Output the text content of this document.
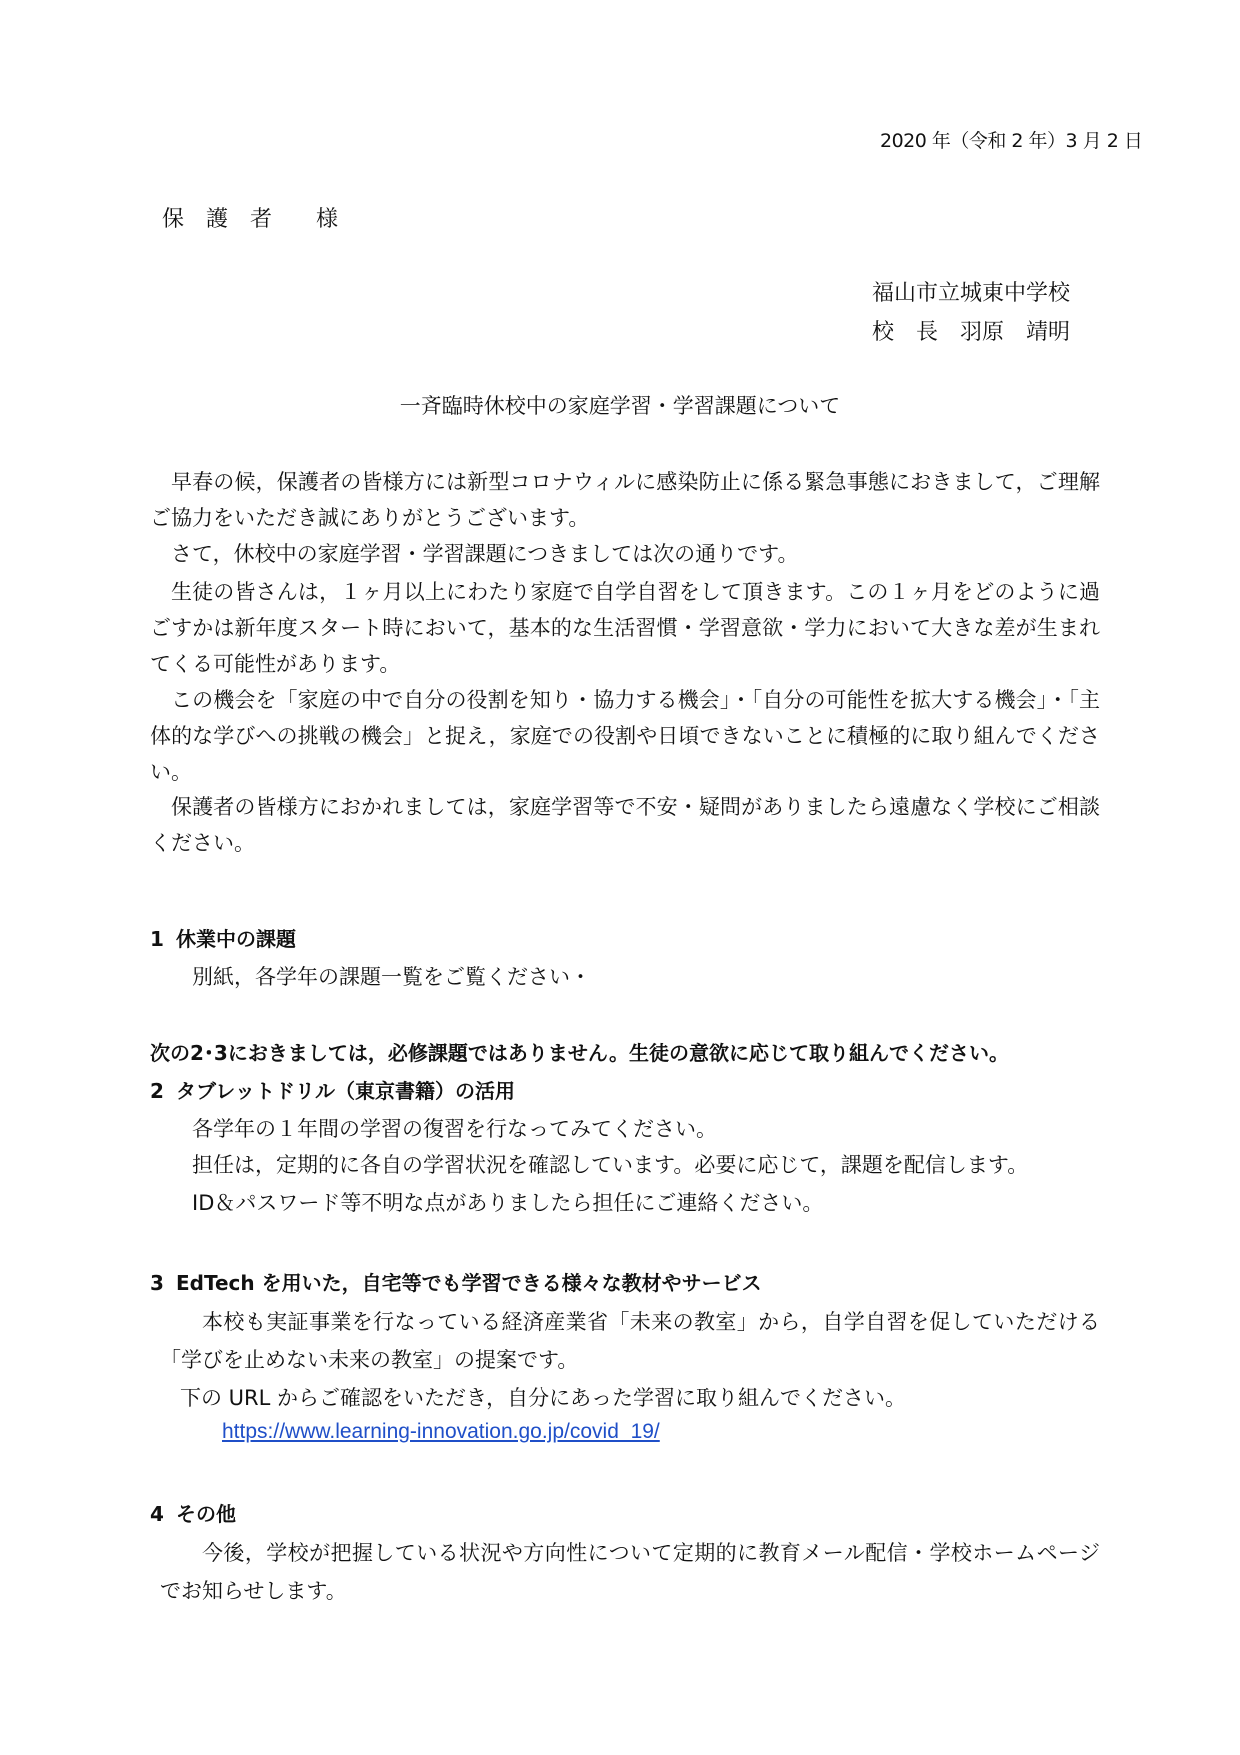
2020 年（令和 2 年）3 月 2 日
保　護　者　　様
福山市立城東中学校
校　長　羽原　靖明
一斉臨時休校中の家庭学習・学習課題について
早春の候，保護者の皆様方には新型コロナウィルに感染防止に係る緊急事態におきまして，ご理解ご協力をいただき誠にありがとうございます。
さて，休校中の家庭学習・学習課題につきましては次の通りです。
生徒の皆さんは，１ヶ月以上にわたり家庭で自学自習をして頂きます。この１ヶ月をどのように過ごすかは新年度スタート時において，基本的な生活習慣・学習意欲・学力において大きな差が生まれてくる可能性があります。
この機会を「家庭の中で自分の役割を知り・協力する機会」・「自分の可能性を拡大する機会」・「主体的な学びへの挑戦の機会」と捉え，家庭での役割や日頃できないことに積極的に取り組んでください。
保護者の皆様方におかれましては，家庭学習等で不安・疑問がありましたら遠慮なく学校にご相談ください。
1 休業中の課題
別紙，各学年の課題一覧をご覧ください・
次の2･3におきましては，必修課題ではありません。生徒の意欲に応じて取り組んでください。
2 タブレットドリル（東京書籍）の活用
各学年の１年間の学習の復習を行なってみてください。
担任は，定期的に各自の学習状況を確認しています。必要に応じて，課題を配信します。
ID＆パスワード等不明な点がありましたら担任にご連絡ください。
3 EdTech を用いた，自宅等でも学習できる様々な教材やサービス
本校も実証事業を行なっている経済産業省「未来の教室」から，自学自習を促していただける「学びを止めない未来の教室」の提案です。
下の URL からご確認をいただき，自分にあった学習に取り組んでください。
https://www.learning-innovation.go.jp/covid_19/
4 その他
今後，学校が把握している状況や方向性について定期的に教育メール配信・学校ホームページでお知らせします。
